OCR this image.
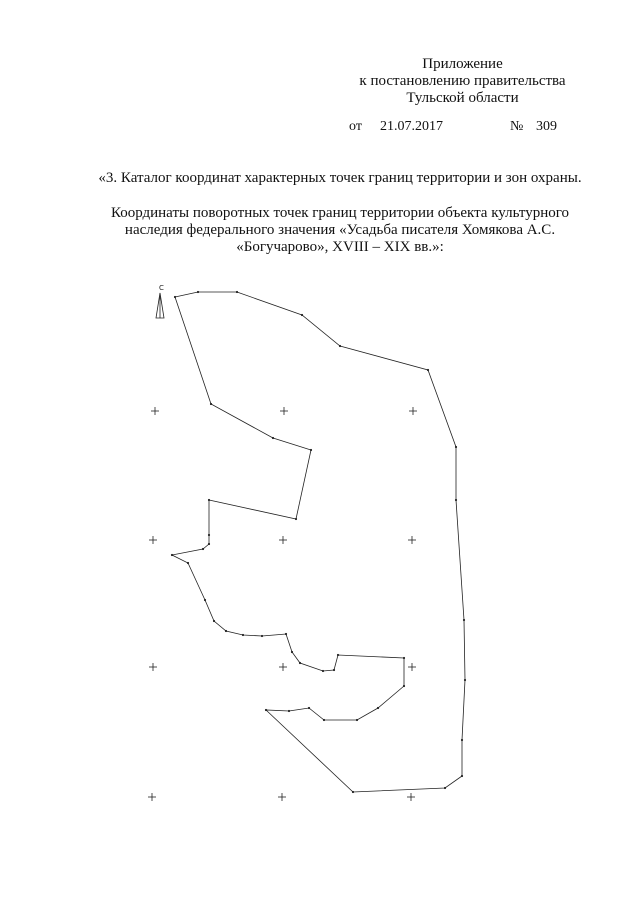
Приложение
к постановлению правительства
Тульской области
от 21.07.2017	№ 309
«3. Каталог координат характерных точек границ территории и зон охраны.
Координаты поворотных точек границ территории объекта культурного
наследия федерального значения «Усадьба писателя Хомякова А.С.
«Богучарово», XVIII – XIX вв.»:
С
